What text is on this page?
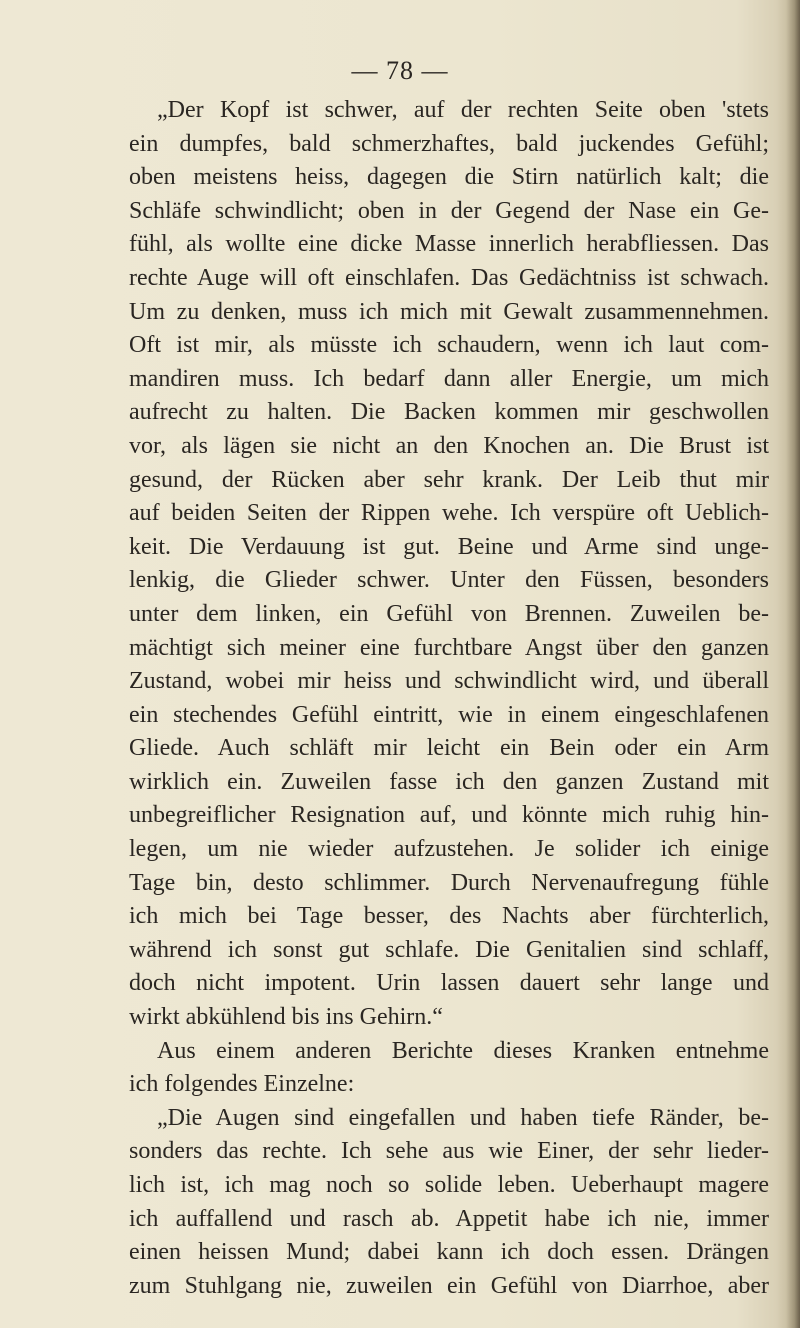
— 78 —
„Der Kopf ist schwer, auf der rechten Seite oben 'stets
ein dumpfes, bald schmerzhaftes, bald juckendes Gefühl;
oben meistens heiss, dagegen die Stirn natürlich kalt; die
Schläfe schwindlicht; oben in der Gegend der Nase ein Ge-
fühl, als wollte eine dicke Masse innerlich herabfliessen. Das
rechte Auge will oft einschlafen. Das Gedächtniss ist schwach.
Um zu denken, muss ich mich mit Gewalt zusammennehmen.
Oft ist mir, als müsste ich schaudern, wenn ich laut com-
mandiren muss. Ich bedarf dann aller Energie, um mich
aufrecht zu halten. Die Backen kommen mir geschwollen
vor, als lägen sie nicht an den Knochen an. Die Brust ist
gesund, der Rücken aber sehr krank. Der Leib thut mir
auf beiden Seiten der Rippen wehe. Ich verspüre oft Ueblich-
keit. Die Verdauung ist gut. Beine und Arme sind unge-
lenkig, die Glieder schwer. Unter den Füssen, besonders
unter dem linken, ein Gefühl von Brennen. Zuweilen be-
mächtigt sich meiner eine furchtbare Angst über den ganzen
Zustand, wobei mir heiss und schwindlicht wird, und überall
ein stechendes Gefühl eintritt, wie in einem eingeschlafenen
Gliede. Auch schläft mir leicht ein Bein oder ein Arm
wirklich ein. Zuweilen fasse ich den ganzen Zustand mit
unbegreiflicher Resignation auf, und könnte mich ruhig hin-
legen, um nie wieder aufzustehen. Je solider ich einige
Tage bin, desto schlimmer. Durch Nervenaufregung fühle
ich mich bei Tage besser, des Nachts aber fürchterlich,
während ich sonst gut schlafe. Die Genitalien sind schlaff,
doch nicht impotent. Urin lassen dauert sehr lange und
wirkt abkühlend bis ins Gehirn.“
Aus einem anderen Berichte dieses Kranken entnehme
ich folgendes Einzelne:
„Die Augen sind eingefallen und haben tiefe Ränder, be-
sonders das rechte. Ich sehe aus wie Einer, der sehr lieder-
lich ist, ich mag noch so solide leben. Ueberhaupt magere
ich auffallend und rasch ab. Appetit habe ich nie, immer
einen heissen Mund; dabei kann ich doch essen. Drängen
zum Stuhlgang nie, zuweilen ein Gefühl von Diarrhoe, aber
